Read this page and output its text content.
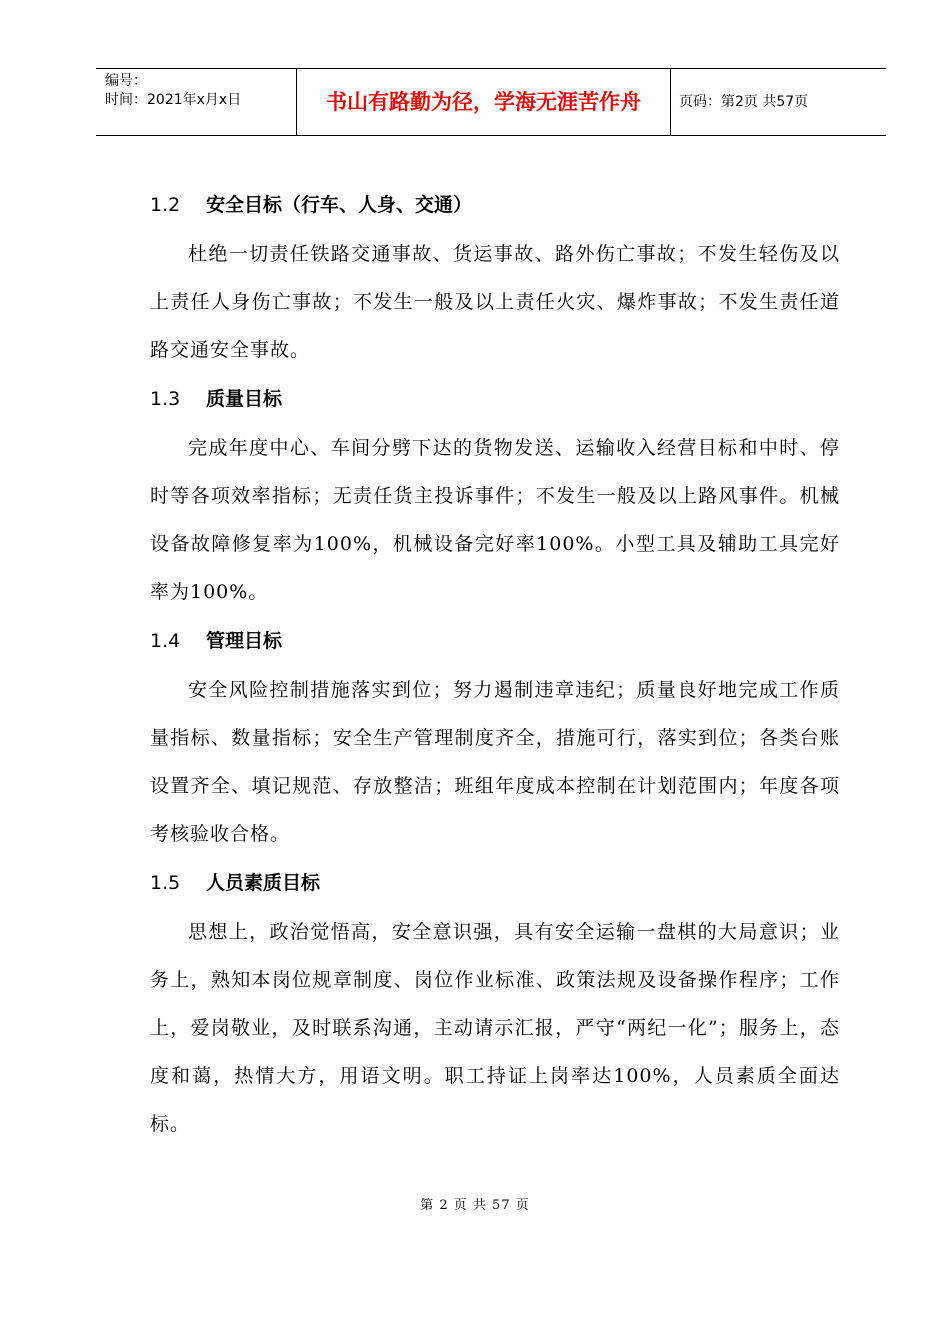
编号：
时间：2021年x月x日	书山有路勤为径，学海无涯苦作舟	页码：第2页 共57页
1.2 安全目标（行车、人身、交通）

杜绝一切责任铁路交通事故、货运事故、路外伤亡事故；不发生轻伤及以上责任人身伤亡事故；不发生一般及以上责任火灾、爆炸事故；不发生责任道路交通安全事故。

1.3 质量目标

完成年度中心、车间分劈下达的货物发送、运输收入经营目标和中时、停时等各项效率指标；无责任货主投诉事件；不发生一般及以上路风事件。机械设备故障修复率为100%，机械设备完好率100%。小型工具及辅助工具完好率为100%。

1.4 管理目标

安全风险控制措施落实到位；努力遏制违章违纪；质量良好地完成工作质量指标、数量指标；安全生产管理制度齐全，措施可行，落实到位；各类台账设置齐全、填记规范、存放整洁；班组年度成本控制在计划范围内；年度各项考核验收合格。

1.5 人员素质目标

思想上，政治觉悟高，安全意识强，具有安全运输一盘棋的大局意识；业务上，熟知本岗位规章制度、岗位作业标准、政策法规及设备操作程序；工作上，爱岗敬业，及时联系沟通，主动请示汇报，严守“两纪一化”；服务上，态度和蔼，热情大方，用语文明。职工持证上岗率达100%，人员素质全面达标。

第 2 页 共 57 页
